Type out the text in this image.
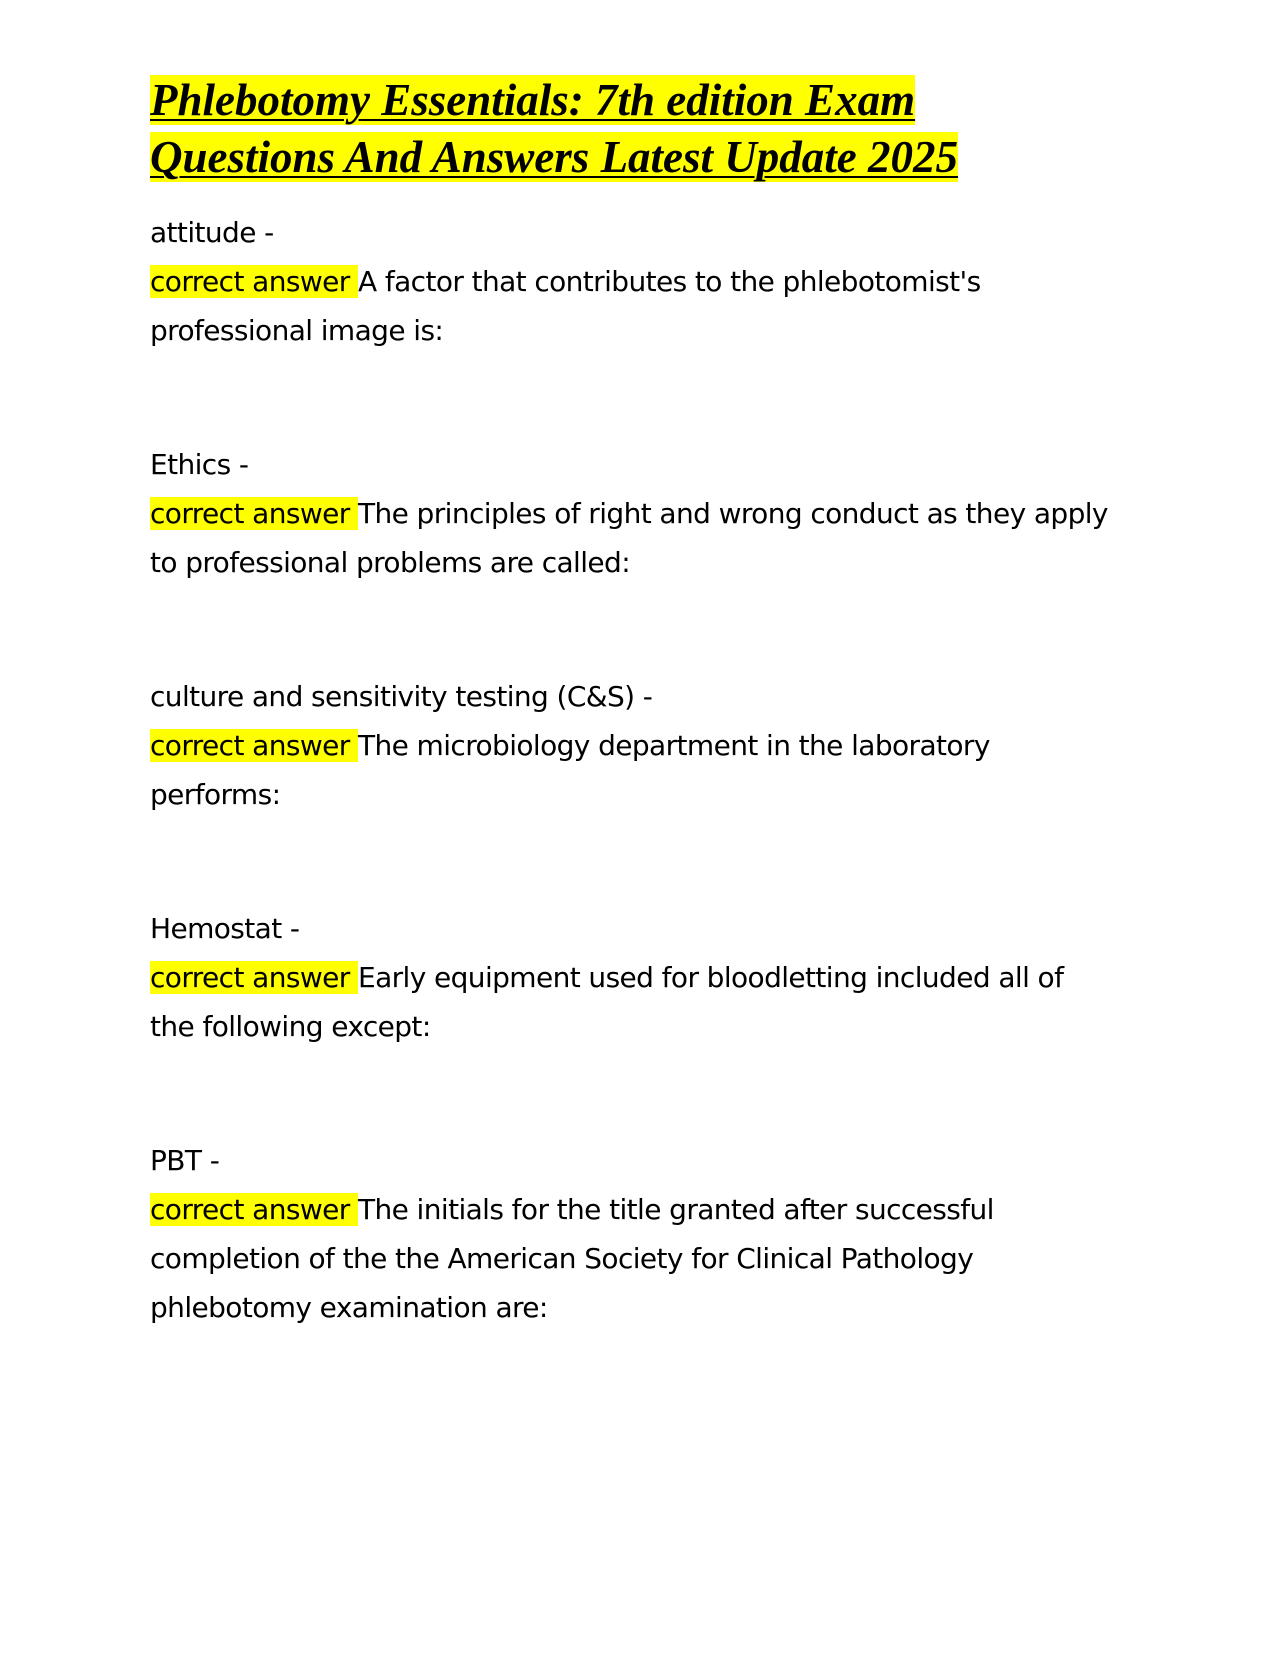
Phlebotomy Essentials: 7th edition Exam
Questions And Answers Latest Update 2025
attitude -
correct answer A factor that contributes to the phlebotomist's professional image is:
Ethics -
correct answer The principles of right and wrong conduct as they apply to professional problems are called:
culture and sensitivity testing (C&S) -
correct answer The microbiology department in the laboratory performs:
Hemostat -
correct answer Early equipment used for bloodletting included all of the following except:
PBT -
correct answer The initials for the title granted after successful completion of the the American Society for Clinical Pathology phlebotomy examination are:
